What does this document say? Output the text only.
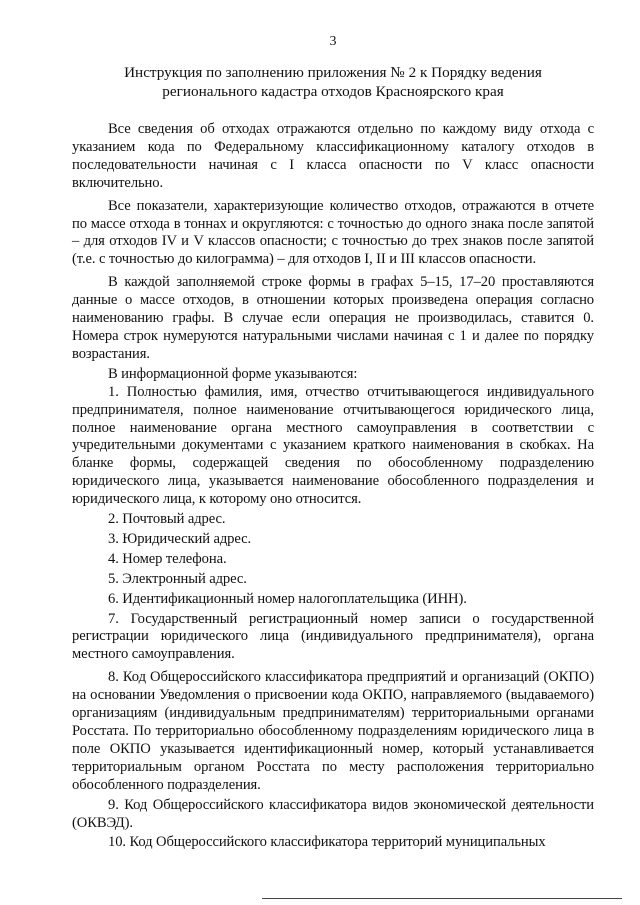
3
Инструкция по заполнению приложения № 2 к Порядку ведения
регионального кадастра отходов Красноярского края

Все сведения об отходах отражаются отдельно по каждому виду отхода с указанием кода по Федеральному классификационному каталогу отходов в последовательности начиная с I класса опасности по V класс опасности включительно.

Все показатели, характеризующие количество отходов, отражаются в отчете по массе отхода в тоннах и округляются: с точностью до одного знака после запятой – для отходов IV и V классов опасности; с точностью до трех знаков после запятой (т.е. с точностью до килограмма) – для отходов I, II и III классов опасности.

В каждой заполняемой строке формы в графах 5–15, 17–20 проставляются данные о массе отходов, в отношении которых произведена операция согласно наименованию графы. В случае если операция не производилась, ставится 0. Номера строк нумеруются натуральными числами начиная с 1 и далее по порядку возрастания.

В информационной форме указываются:

1. Полностью фамилия, имя, отчество отчитывающегося индивидуального предпринимателя, полное наименование отчитывающегося юридического лица, полное наименование органа местного самоуправления в соответствии с учредительными документами с указанием краткого наименования в скобках. На бланке формы, содержащей сведения по обособленному подразделению юридического лица, указывается наименование обособленного подразделения и юридического лица, к которому оно относится.

2. Почтовый адрес.

3. Юридический адрес.

4. Номер телефона.

5. Электронный адрес.

6. Идентификационный номер налогоплательщика (ИНН).

7. Государственный регистрационный номер записи о государственной регистрации юридического лица (индивидуального предпринимателя), органа местного самоуправления.

8. Код Общероссийского классификатора предприятий и организаций (ОКПО) на основании Уведомления о присвоении кода ОКПО, направляемого (выдаваемого) организациям (индивидуальным предпринимателям) территориальными органами Росстата. По территориально обособленному подразделениям юридического лица в поле ОКПО указывается идентификационный номер, который устанавливается территориальным органом Росстата по месту расположения территориально обособленного подразделения.

9. Код Общероссийского классификатора видов экономической деятельности (ОКВЭД).

10. Код Общероссийского классификатора территорий муниципальных
